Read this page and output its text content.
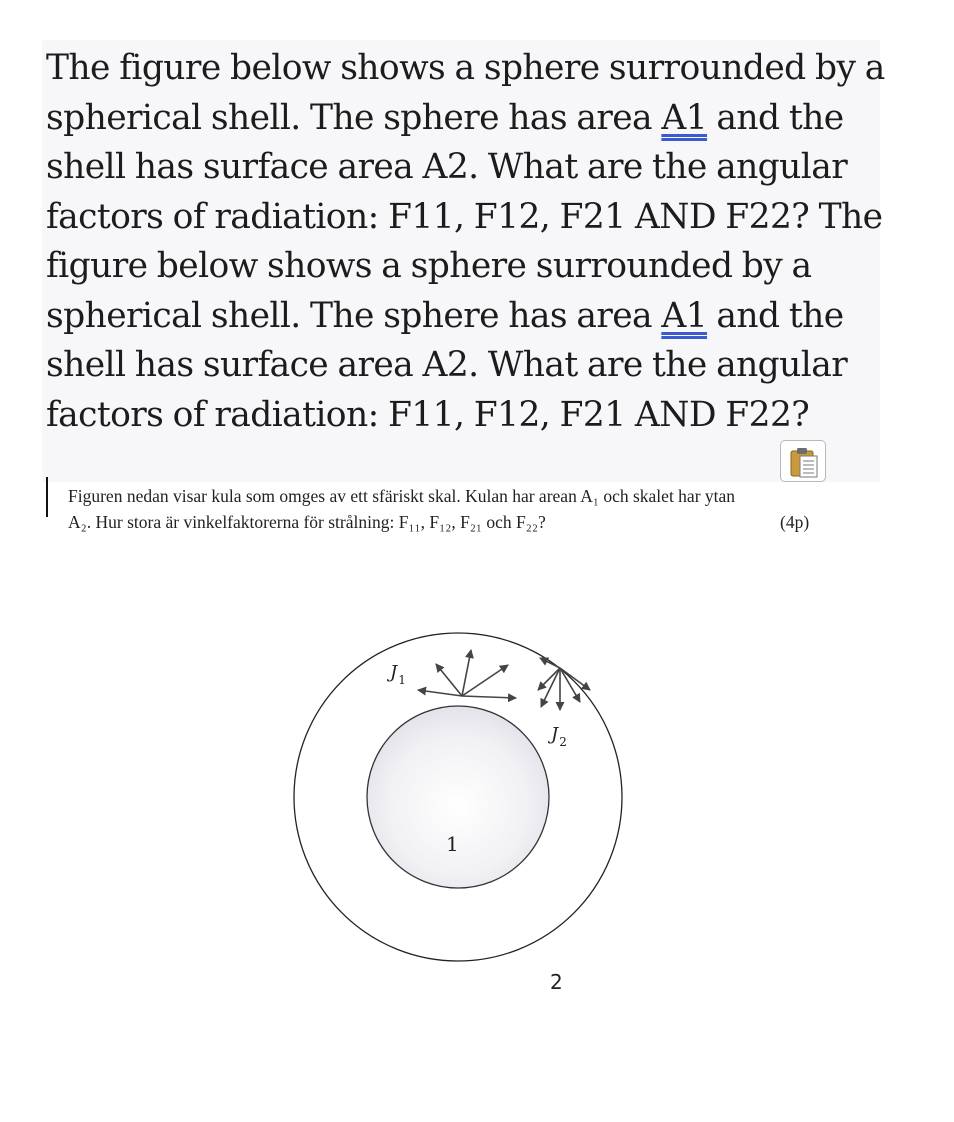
The figure below shows a sphere surrounded by a
spherical shell. The sphere has area A1 and the
shell has surface area A2. What are the angular
factors of radiation: F11, F12, F21 AND F22? The
figure below shows a sphere surrounded by a
spherical shell. The sphere has area A1 and the
shell has surface area A2. What are the angular
factors of radiation: F11, F12, F21 AND F22?
Figuren nedan visar kula som omges av ett sfäriskt skal. Kulan har arean A₁ och skalet har ytan
A₂. Hur stora är vinkelfaktorerna för strålning: F₁₁, F₁₂, F₂₁ och F₂₂?	(4p)
$J_1$
$J_2$
1
2
